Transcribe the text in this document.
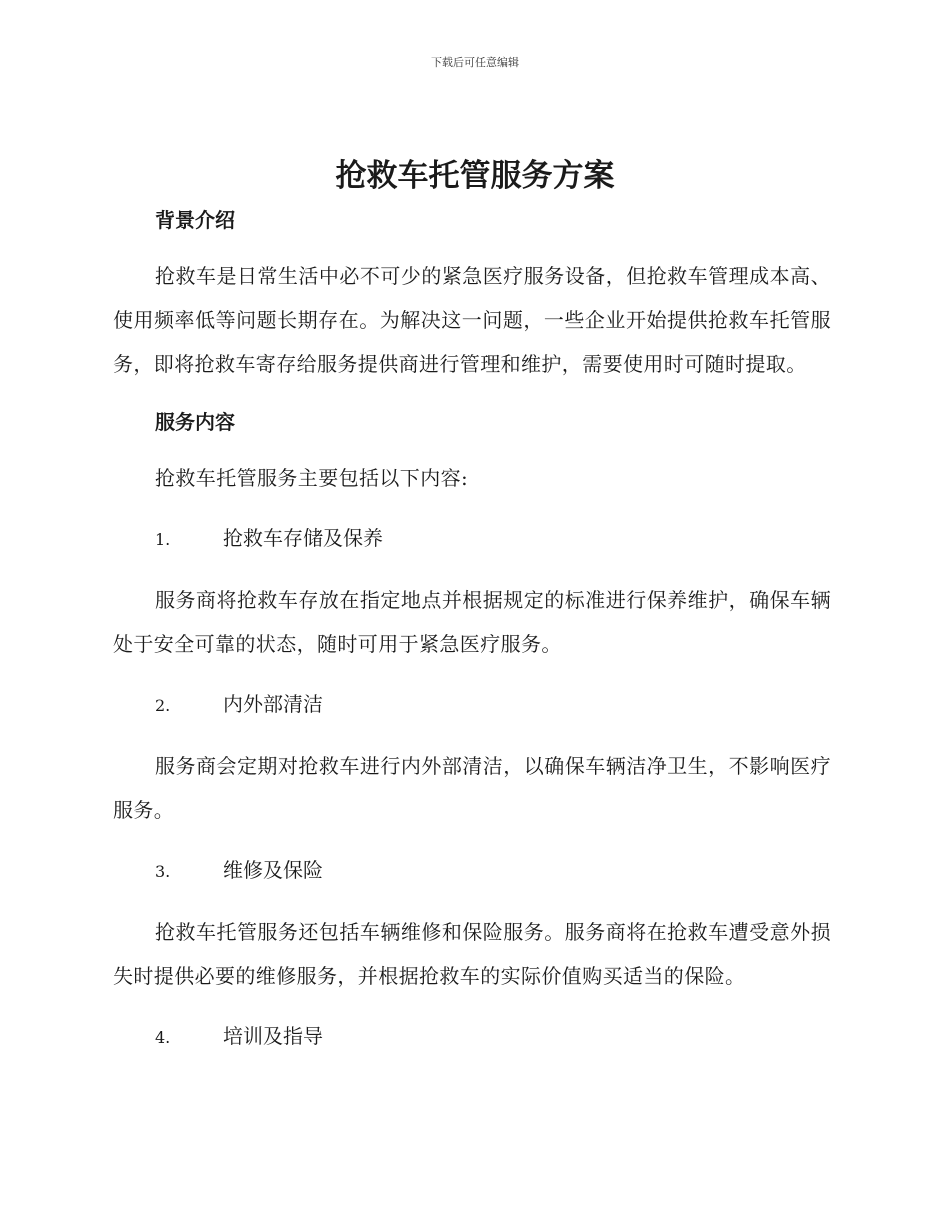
下载后可任意编辑
抢救车托管服务方案
背景介绍

抢救车是日常生活中必不可少的紧急医疗服务设备，但抢救车管理成本高、使用频率低等问题长期存在。为解决这一问题，一些企业开始提供抢救车托管服务，即将抢救车寄存给服务提供商进行管理和维护，需要使用时可随时提取。

服务内容

抢救车托管服务主要包括以下内容:

1.	抢救车存储及保养

服务商将抢救车存放在指定地点并根据规定的标准进行保养维护，确保车辆处于安全可靠的状态，随时可用于紧急医疗服务。

2.	内外部清洁

服务商会定期对抢救车进行内外部清洁，以确保车辆洁净卫生，不影响医疗服务。

3.	维修及保险

抢救车托管服务还包括车辆维修和保险服务。服务商将在抢救车遭受意外损失时提供必要的维修服务，并根据抢救车的实际价值购买适当的保险。

4.	培训及指导
